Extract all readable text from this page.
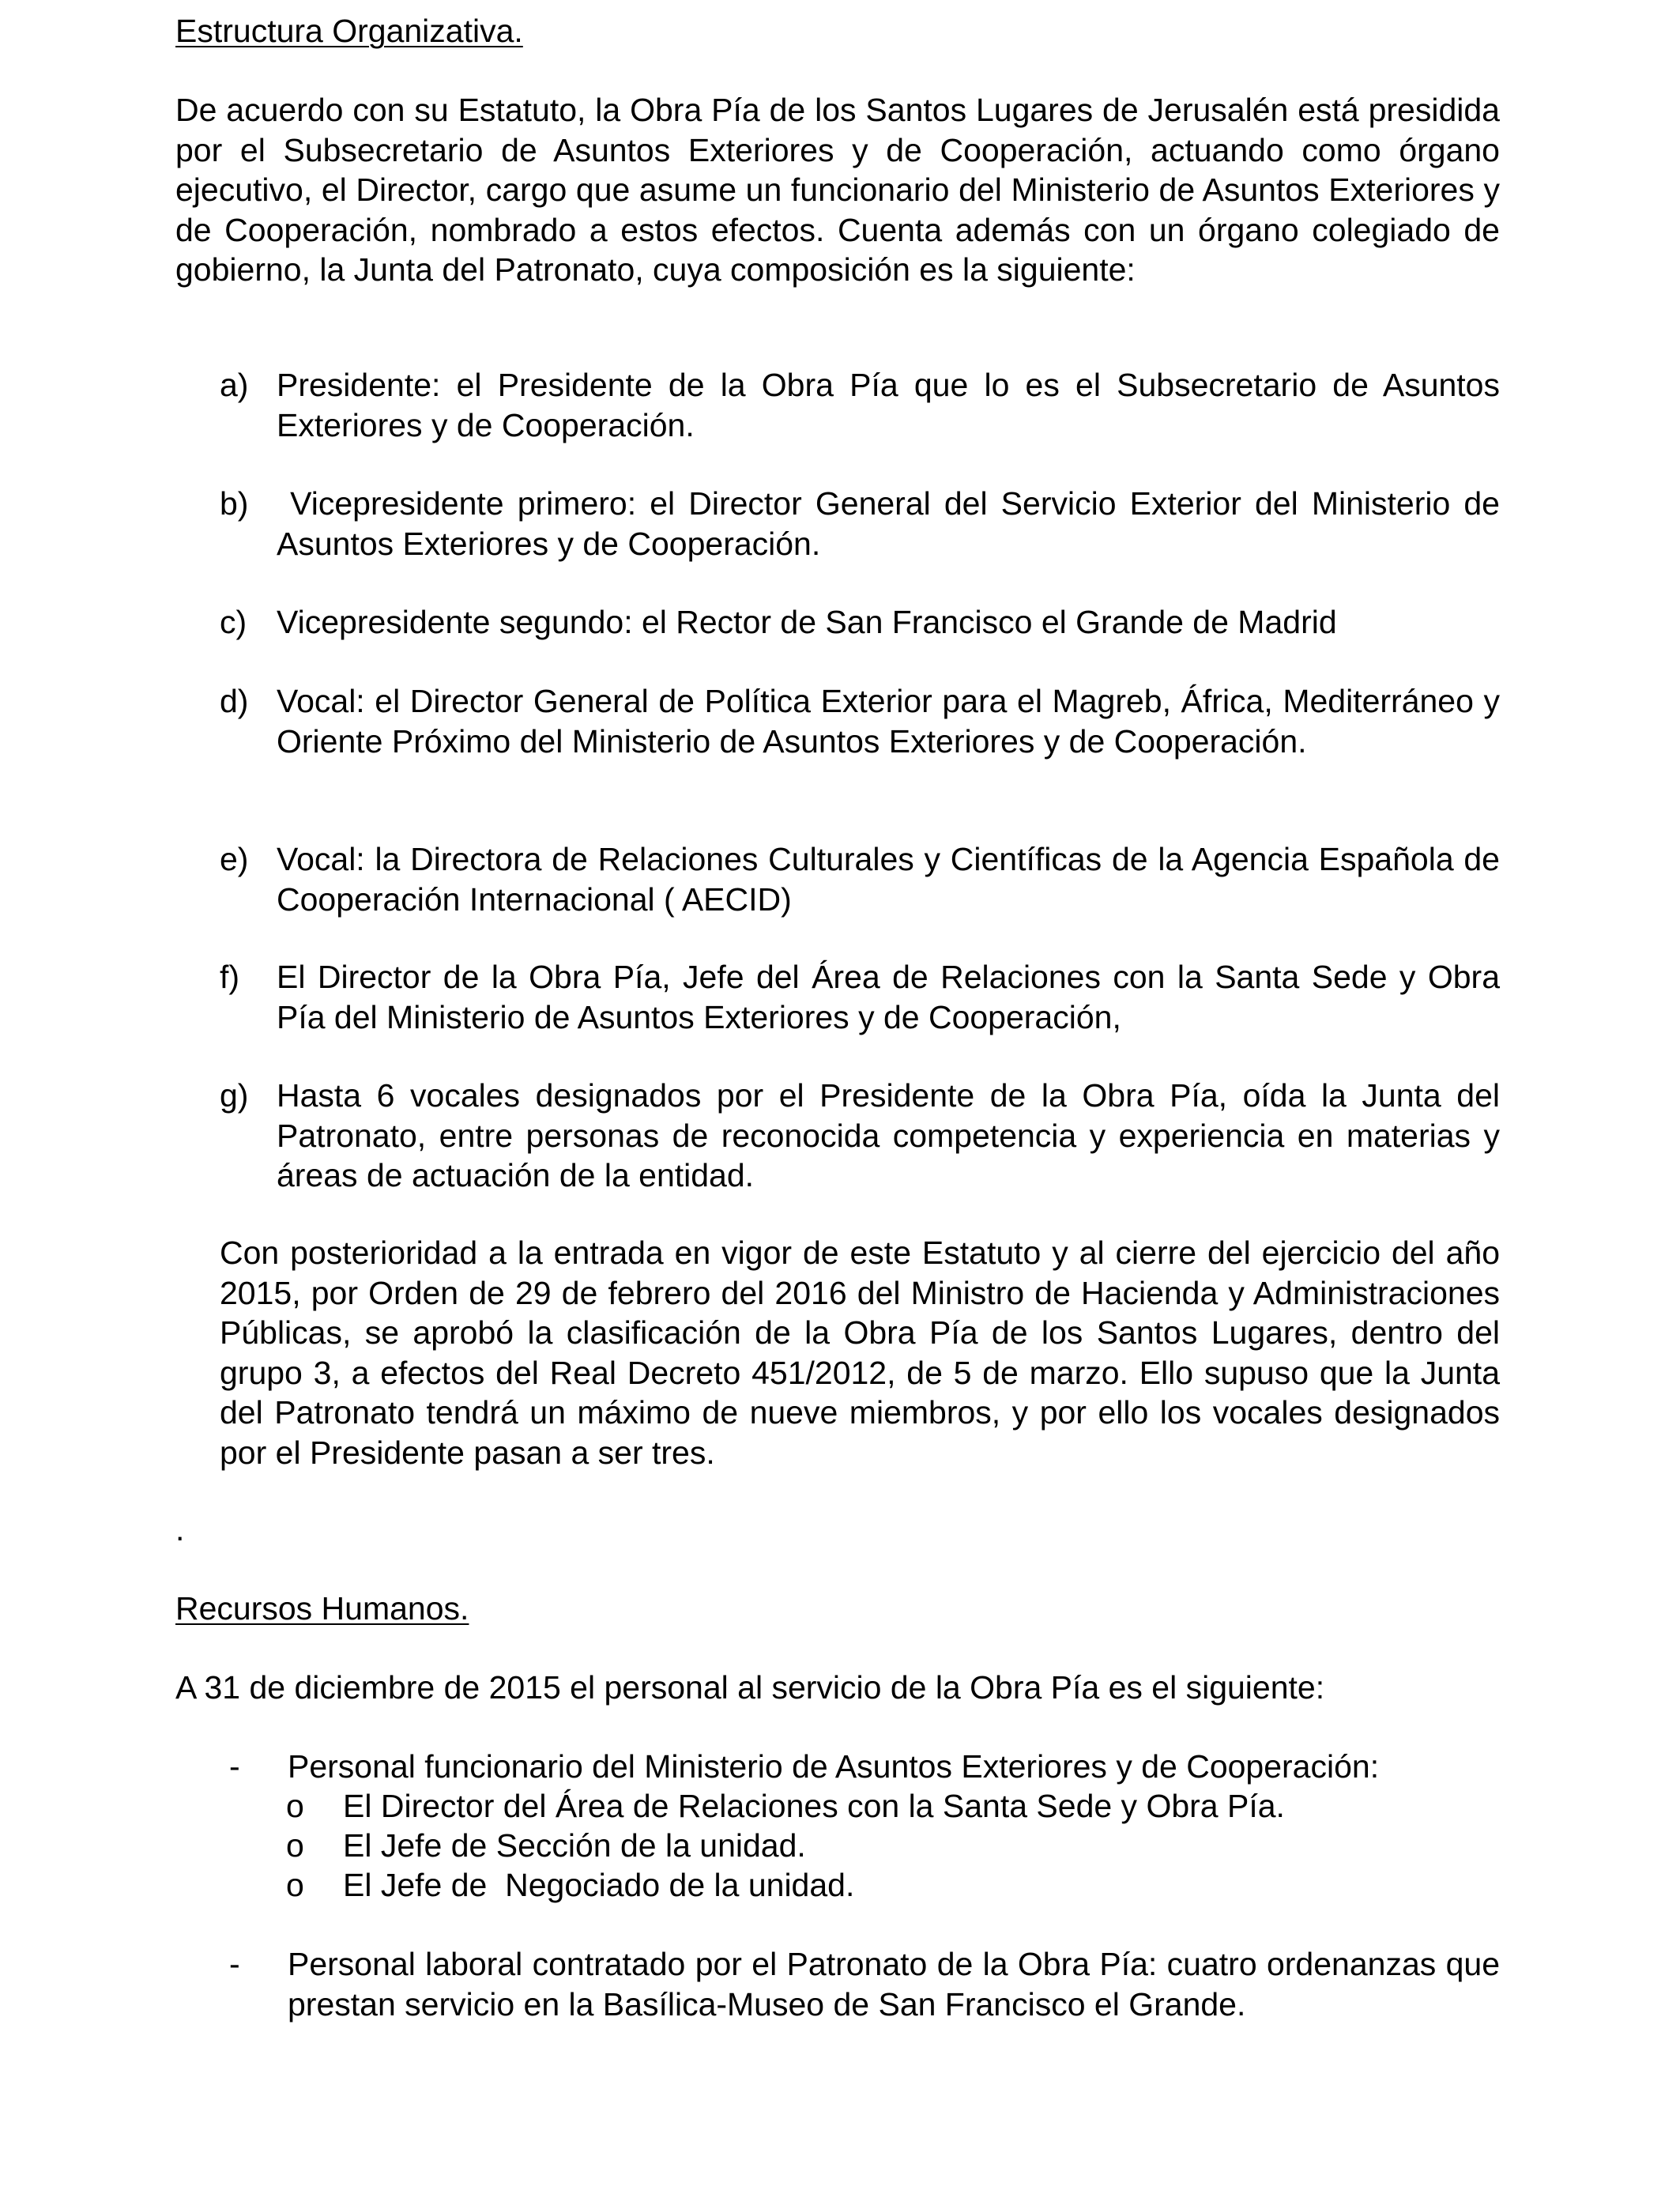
Estructura Organizativa.

De acuerdo con su Estatuto, la Obra Pía de los Santos Lugares de Jerusalén está presidida por el Subsecretario de Asuntos Exteriores y de Cooperación, actuando como órgano ejecutivo, el Director, cargo que asume un funcionario del Ministerio de Asuntos Exteriores y de Cooperación, nombrado a estos efectos. Cuenta además con un órgano colegiado de gobierno, la Junta del Patronato, cuya composición es la siguiente:

a) Presidente: el Presidente de la Obra Pía que lo es el Subsecretario de Asuntos Exteriores y de Cooperación.
b) Vicepresidente primero: el Director General del Servicio Exterior del Ministerio de Asuntos Exteriores y de Cooperación.
c) Vicepresidente segundo: el Rector de San Francisco el Grande de Madrid
d) Vocal: el Director General de Política Exterior para el Magreb, África, Mediterráneo y Oriente Próximo del Ministerio de Asuntos Exteriores y de Cooperación.
e) Vocal: la Directora de Relaciones Culturales y Científicas de la Agencia Española de Cooperación Internacional ( AECID)
f) El Director de la Obra Pía, Jefe del Área de Relaciones con la Santa Sede y Obra Pía del Ministerio de Asuntos Exteriores y de Cooperación,
g) Hasta 6 vocales designados por el Presidente de la Obra Pía, oída la Junta del Patronato, entre personas de reconocida competencia y experiencia en materias y áreas de actuación de la entidad.

Con posterioridad a la entrada en vigor de este Estatuto y al cierre del ejercicio del año 2015, por Orden de 29 de febrero del 2016 del Ministro de Hacienda y Administraciones Públicas, se aprobó la clasificación de la Obra Pía de los Santos Lugares, dentro del grupo 3, a efectos del Real Decreto 451/2012, de 5 de marzo. Ello supuso que la Junta del Patronato tendrá un máximo de nueve miembros, y por ello los vocales designados por el Presidente pasan a ser tres.

.
Recursos Humanos.

A 31 de diciembre de 2015 el personal al servicio de la Obra Pía es el siguiente:

- Personal funcionario del Ministerio de Asuntos Exteriores y de Cooperación:
o El Director del Área de Relaciones con la Santa Sede y Obra Pía.
o El Jefe de Sección de la unidad.
o El Jefe de  Negociado de la unidad.
- Personal laboral contratado por el Patronato de la Obra Pía: cuatro ordenanzas que prestan servicio en la Basílica-Museo de San Francisco el Grande.
